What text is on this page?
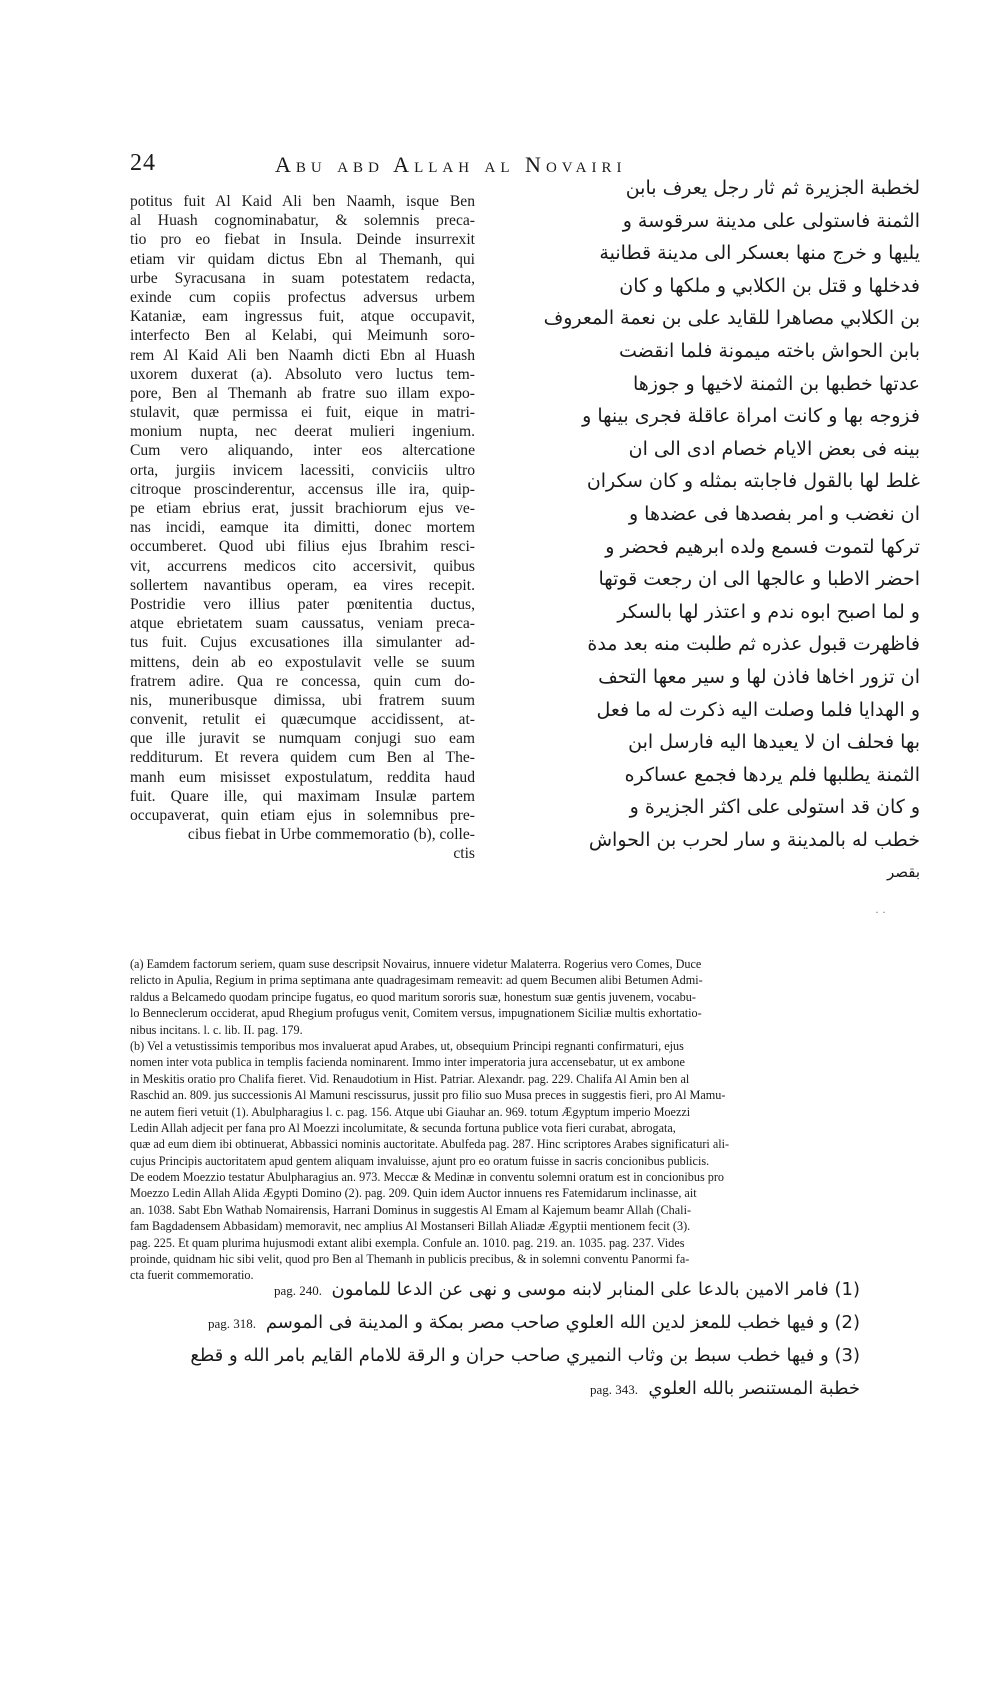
24	Abu abd Allah al Novairi
potitus fuit Al Kaid Ali ben Naamh, isque Ben
al Huash cognominabatur, & solemnis preca-
tio pro eo fiebat in Insula. Deinde insurrexit
etiam vir quidam dictus Ebn al Themanh, qui
urbe Syracusana in suam potestatem redacta,
exinde cum copiis profectus adversus urbem
Kataniæ, eam ingressus fuit, atque occupavit,
interfecto Ben al Kelabi, qui Meimunh soro-
rem Al Kaid Ali ben Naamh dicti Ebn al Huash
uxorem duxerat (a). Absoluto vero luctus tem-
pore, Ben al Themanh ab fratre suo illam expo-
stulavit, quæ permissa ei fuit, eique in matri-
monium nupta, nec deerat mulieri ingenium.
Cum vero aliquando, inter eos altercatione
orta, jurgiis invicem lacessiti, conviciis ultro
citroque proscinderentur, accensus ille ira, quip-
pe etiam ebrius erat, jussit brachiorum ejus ve-
nas incidi, eamque ita dimitti, donec mortem
occumberet. Quod ubi filius ejus Ibrahim resci-
vit, accurrens medicos cito accersivit, quibus
sollertem navantibus operam, ea vires recepit.
Postridie vero illius pater pœnitentia ductus,
atque ebrietatem suam caussatus, veniam preca-
tus fuit. Cujus excusationes illa simulanter ad-
mittens, dein ab eo expostulavit velle se suum
fratrem adire. Qua re concessa, quin cum do-
nis, muneribusque dimissa, ubi fratrem suum
convenit, retulit ei quæcumque accidissent, at-
que ille juravit se numquam conjugi suo eam
redditurum. Et revera quidem cum Ben al The-
manh eum misisset expostulatum, reddita haud
fuit. Quare ille, qui maximam Insulæ partem
occupaverat, quin etiam ejus in solemnibus pre-
cibus fiebat in Urbe commemoratio (b), colle-
ctis
لخطبة الجزيرة ثم ثار رجل يعرف بابن
الثمنة فاستولى على مدينة سرقوسة و
يليها و خرج منها بعسكر الى مدينة قطانية
فدخلها و قتل بن الكلابي و ملكها و كان
بن الكلابي مصاهرا للقايد على بن نعمة المعروف
بابن الحواش باخته ميمونة فلما انقضت
عدتها خطبها بن الثمنة لاخيها و جوزها
فزوجه بها و كانت امراة عاقلة فجرى بينها و
بينه فى بعض الايام خصام ادى الى ان
غلط لها بالقول فاجابته بمثله و كان سكران
ان نغضب و امر بفصدها فى عضدها و
تركها لتموت فسمع ولده ابرهيم فحضر و
احضر الاطبا و عالجها الى ان رجعت قوتها
و لما اصبح ابوه ندم و اعتذر لها بالسكر
فاظهرت قبول عذره ثم طلبت منه بعد مدة
ان تزور اخاها فاذن لها و سير معها التحف
و الهدايا فلما وصلت اليه ذكرت له ما فعل
بها فحلف ان لا يعيدها اليه فارسل ابن
الثمنة يطلبها فلم يردها فجمع عساكره
و كان قد استولى على اكثر الجزيرة و
خطب له بالمدينة و سار لحرب بن الحواش
بقصر
· ·
(a) Eamdem factorum seriem, quam suse descripsit Novairus, innuere videtur Malaterra. Rogerius vero Comes, Duce
relicto in Apulia, Regium in prima septimana ante quadragesimam remeavit: ad quem Becumen alibi Betumen Admi-
raldus a Belcamedo quodam principe fugatus, eo quod maritum sororis suæ, honestum suæ gentis juvenem, vocabu-
lo Benneclerum occiderat, apud Rhegium profugus venit, Comitem versus, impugnationem Siciliæ multis exhortatio-
nibus incitans. l. c. lib. II. pag. 179.
(b) Vel a vetustissimis temporibus mos invaluerat apud Arabes, ut, obsequium Principi regnanti confirmaturi, ejus
nomen inter vota publica in templis facienda nominarent. Immo inter imperatoria jura accensebatur, ut ex ambone
in Meskitis oratio pro Chalifa fieret. Vid. Renaudotium in Hist. Patriar. Alexandr. pag. 229. Chalifa Al Amin ben al
Raschid an. 809. jus successionis Al Mamuni rescissurus, jussit pro filio suo Musa preces in suggestis fieri, pro Al Mamu-
ne autem fieri vetuit (1). Abulpharagius l. c. pag. 156. Atque ubi Giauhar an. 969. totum Ægyptum imperio Moezzi
Ledin Allah adjecit per fana pro Al Moezzi incolumitate, & secunda fortuna publice vota fieri curabat, abrogata,
quæ ad eum diem ibi obtinuerat, Abbassici nominis auctoritate. Abulfeda pag. 287. Hinc scriptores Arabes significaturi ali-
cujus Principis auctoritatem apud gentem aliquam invaluisse, ajunt pro eo oratum fuisse in sacris concionibus publicis.
De eodem Moezzio testatur Abulpharagius an. 973. Meccæ & Medinæ in conventu solemni oratum est in concionibus pro
Moezzo Ledin Allah Alida Ægypti Domino (2). pag. 209. Quin idem Auctor innuens res Fatemidarum inclinasse, ait
an. 1038. Sabt Ebn Wathab Nomairensis, Harrani Dominus in suggestis Al Emam al Kajemum beamr Allah (Chali-
fam Bagdadensem Abbasidam) memoravit, nec amplius Al Mostanseri Billah Aliadæ Ægyptii mentionem fecit (3).
pag. 225. Et quam plurima hujusmodi extant alibi exempla. Confule an. 1010. pag. 219. an. 1035. pag. 237. Vides
proinde, quidnam hic sibi velit, quod pro Ben al Themanh in publicis precibus, & in solemni conventu Panormi fa-
cta fuerit commemoratio.
(1) فامر الامين بالدعا على المنابر لابنه موسى و نهى عن الدعا للمامون
pag. 240.
(2) و فيها خطب للمعز لدين الله العلوي صاحب مصر بمكة و المدينة فى الموسم
pag. 318.
(3) و فيها خطب سبط بن وثاب النميري صاحب حران و الرقة للامام القايم بامر الله و قطع
خطبة المستنصر بالله العلوي
pag. 343.
